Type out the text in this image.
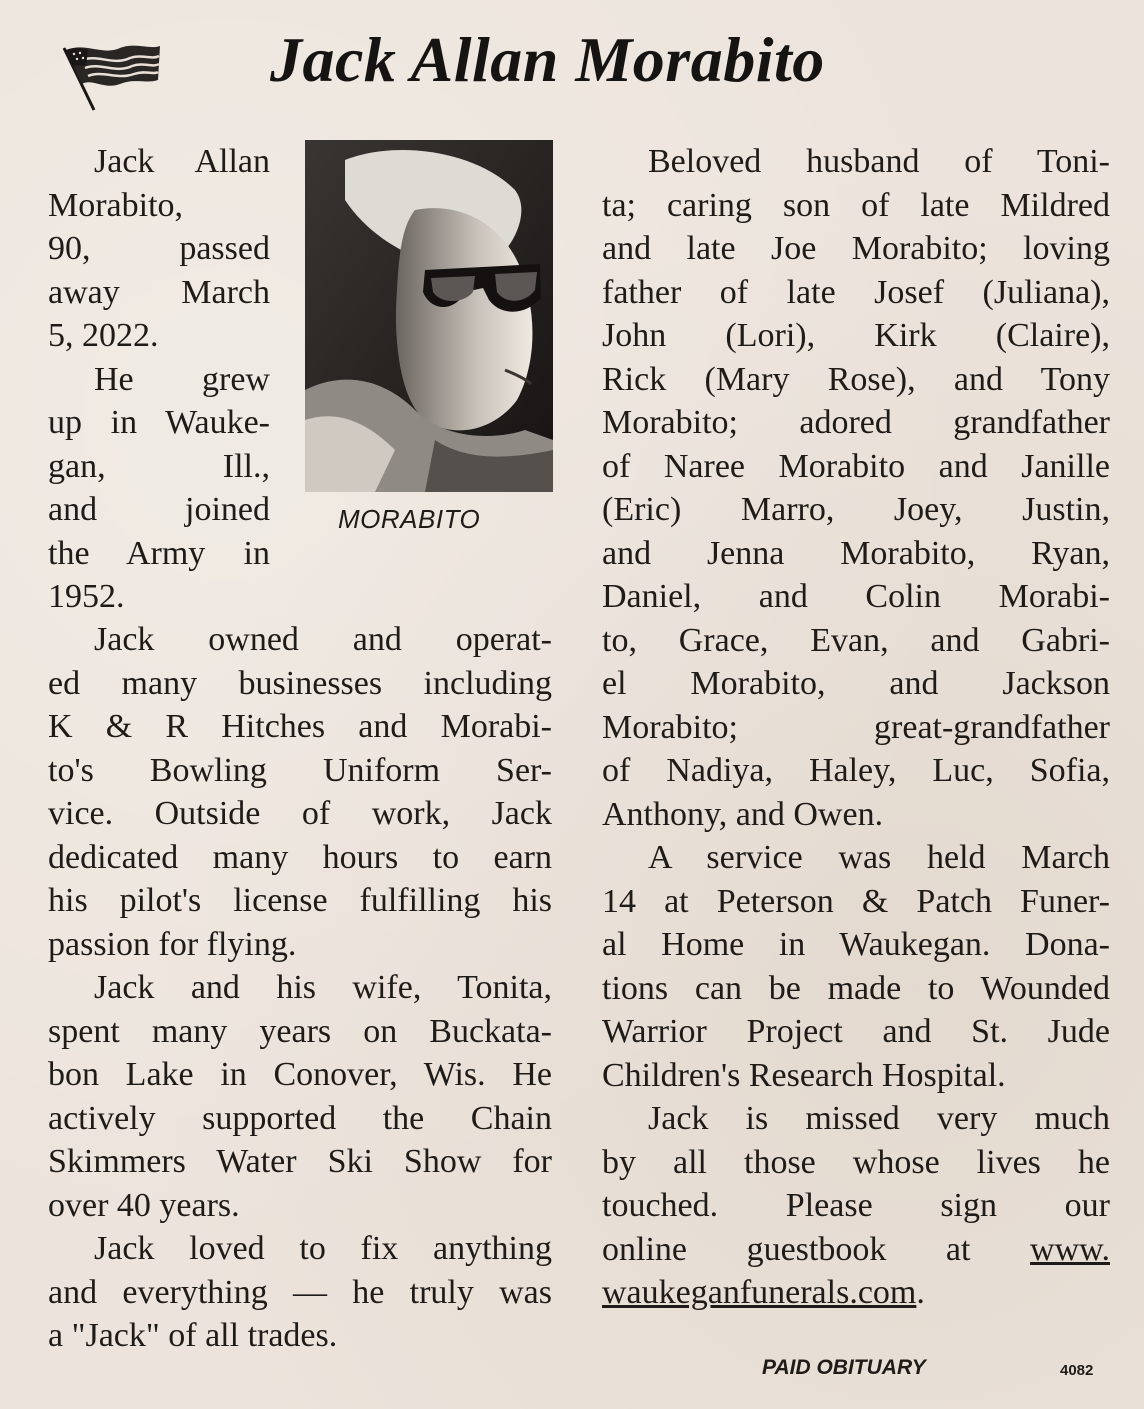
Jack Allan Morabito

Jack Allan
Morabito,
90, passed
away March
5, 2022.

He grew
up in Wauke-
gan, Ill.,
and joined
the Army in
1952.

MORABITO

Jack owned and operat-
ed many businesses including
K & R Hitches and Morabi-
to's Bowling Uniform Ser-
vice. Outside of work, Jack
dedicated many hours to earn
his pilot's license fulfilling his
passion for flying.

Jack and his wife, Tonita,
spent many years on Buckata-
bon Lake in Conover, Wis. He
actively supported the Chain
Skimmers Water Ski Show for
over 40 years.

Jack loved to fix anything
and everything — he truly was
a "Jack" of all trades.

Beloved husband of Toni-
ta; caring son of late Mildred
and late Joe Morabito; loving
father of late Josef (Juliana),
John (Lori), Kirk (Claire),
Rick (Mary Rose), and Tony
Morabito; adored grandfather
of Naree Morabito and Janille
(Eric) Marro, Joey, Justin,
and Jenna Morabito, Ryan,
Daniel, and Colin Morabi-
to, Grace, Evan, and Gabri-
el Morabito, and Jackson
Morabito; great-grandfather
of Nadiya, Haley, Luc, Sofia,
Anthony, and Owen.

A service was held March
14 at Peterson & Patch Funer-
al Home in Waukegan. Dona-
tions can be made to Wounded
Warrior Project and St. Jude
Children's Research Hospital.

Jack is missed very much
by all those whose lives he
touched. Please sign our
online guestbook at www.
waukeganfunerals.com.

PAID OBITUARY	4082
